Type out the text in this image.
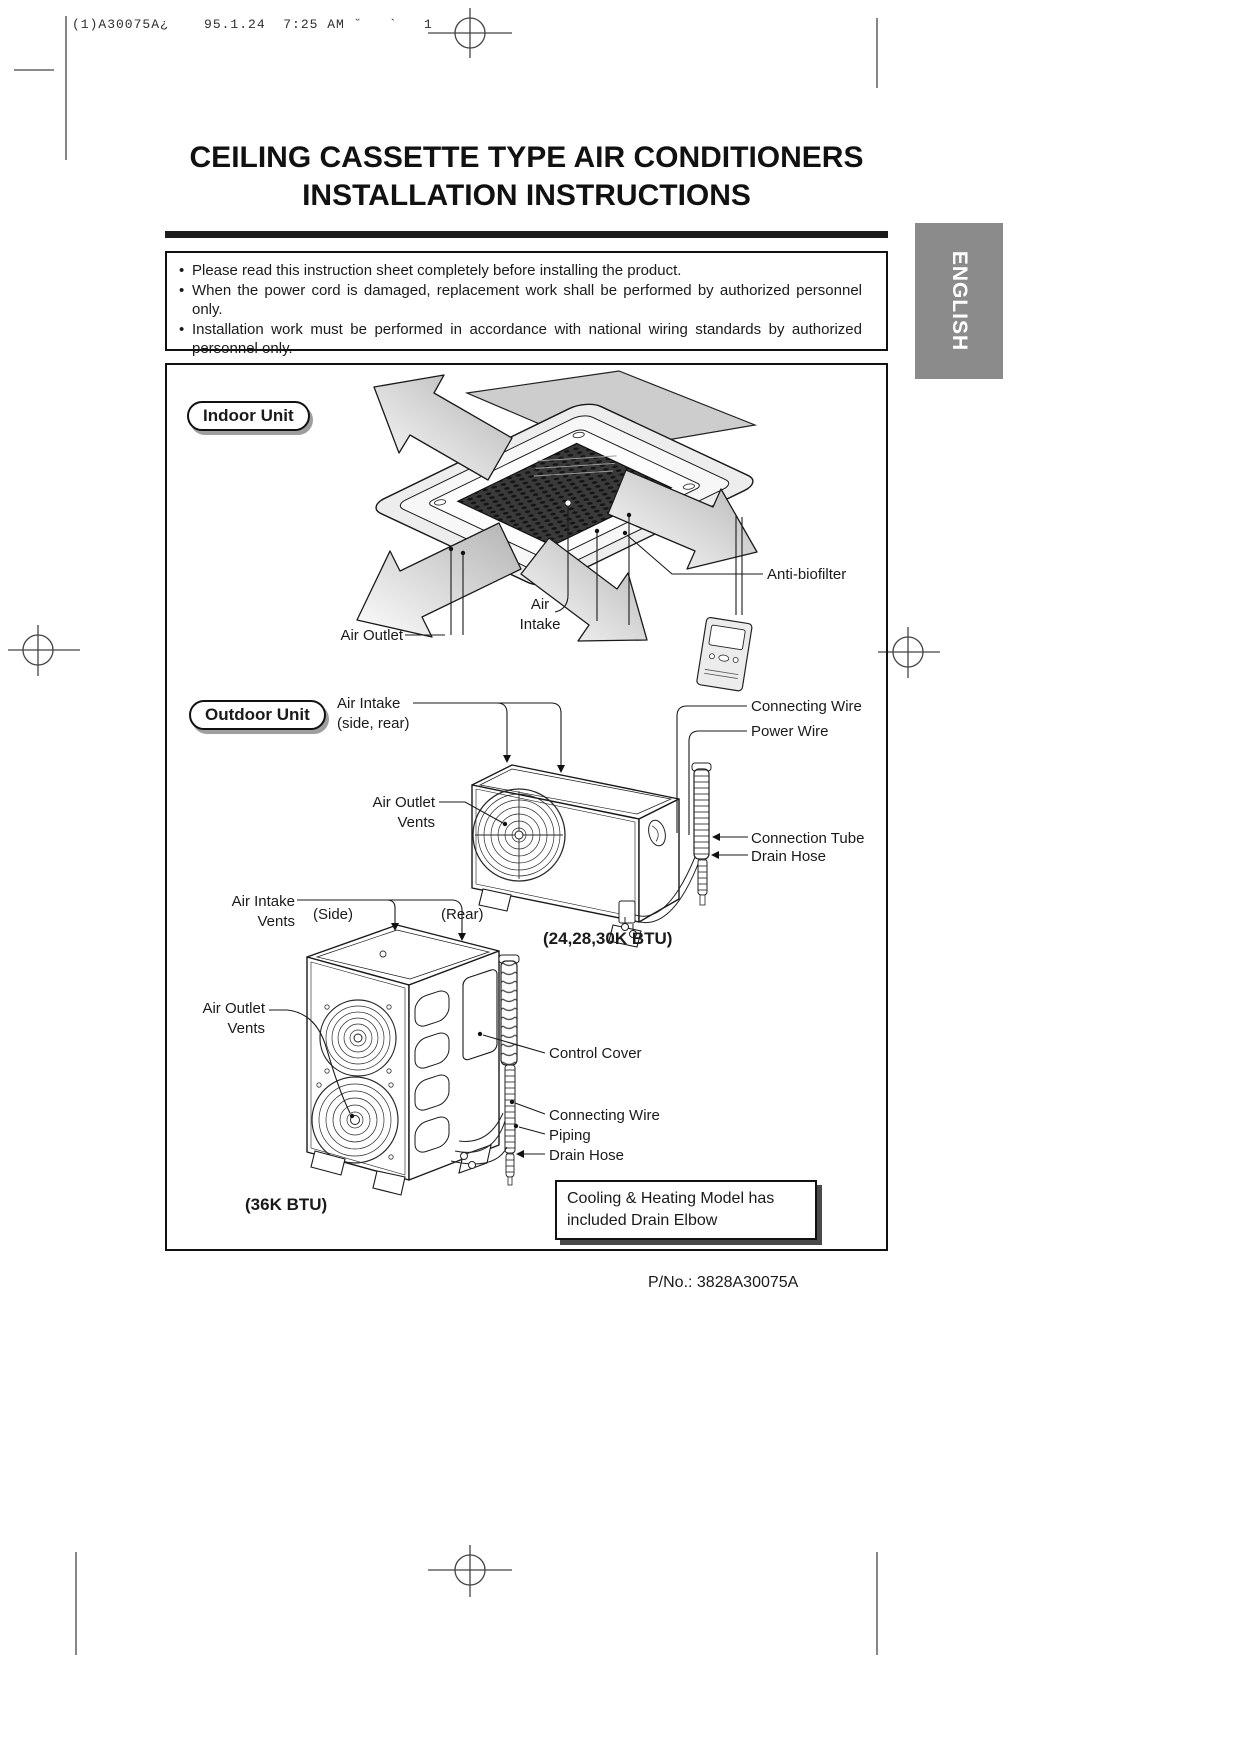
(1)A30075A¿    95.1.24  7:25 AM ˘   `   1
CEILING CASSETTE TYPE AIR CONDITIONERS
INSTALLATION INSTRUCTIONS
• Please read this instruction sheet completely before installing the product.
• When the power cord is damaged, replacement work shall be performed by authorized personnel only.
• Installation work must be performed in accordance with national wiring standards by authorized personnel only.	ENGLISH
Indoor Unit
Outdoor Unit
Air Outlet
Air
Intake
Anti-biofilter
Air Intake
(side, rear)
Connecting Wire
Power Wire
Air Outlet
Vents
Connection Tube
Drain Hose
(24,28,30K BTU)
Air Intake
Vents (Side)	(Rear)
Air Outlet
Vents
Control Cover
Connecting Wire
Piping
Drain Hose
(36K BTU)	Cooling & Heating Model has
included Drain Elbow
P/No.: 3828A30075A
